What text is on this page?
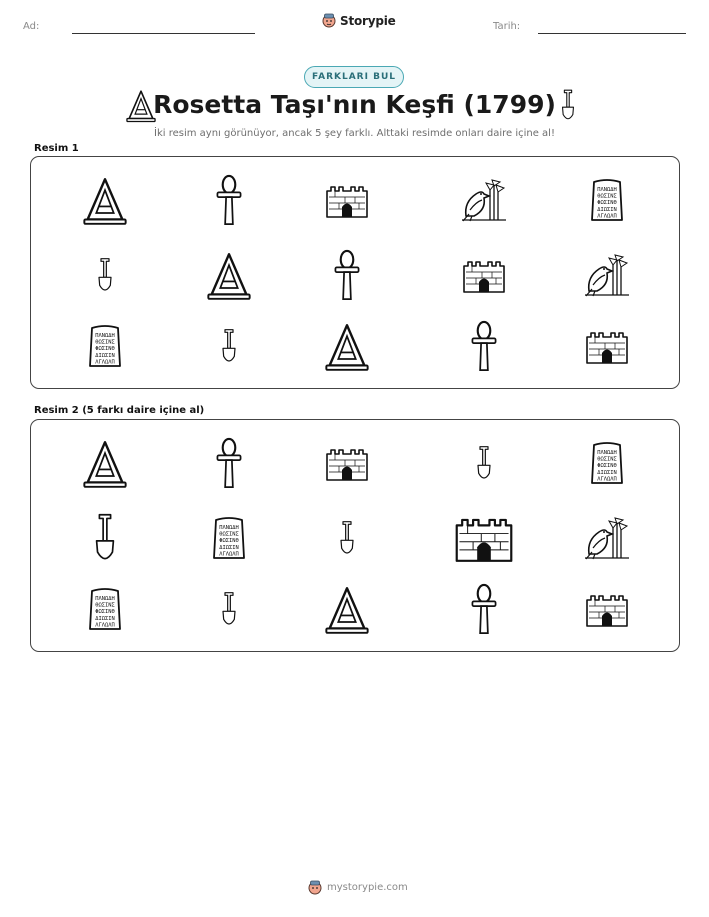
Ad:	Storypie	Tarih:
FARKLARI BUL
Rosetta Taşı'nın Keşfi (1799)
İki resim aynı görünüyor, ancak 5 şey farklı. Alttaki resimde onları daire içine al!
Resim 1
ΠΛΝΩΔΗ
ΘΩΣΙΝΣ
ΦΩΣΙΝΘ
ΔΙΩΣΙΝ
ΛΓΛΩΛΠ
ΠΛΝΩΔΗ
ΘΩΣΙΝΣ
ΦΩΣΙΝΘ
ΔΙΩΣΙΝ
ΛΓΛΩΛΠ
Resim 2 (5 farkı daire içine al)
ΠΛΝΩΔΗ
ΘΩΣΙΝΣ
ΦΩΣΙΝΘ
ΔΙΩΣΙΝ
ΛΓΛΩΛΠ
ΠΛΝΩΔΗ
ΘΩΣΙΝΣ
ΦΩΣΙΝΘ
ΔΙΩΣΙΝ
ΛΓΛΩΛΠ
ΠΛΝΩΔΗ
ΘΩΣΙΝΣ
ΦΩΣΙΝΘ
ΔΙΩΣΙΝ
ΛΓΛΩΛΠ
mystorypie.com
